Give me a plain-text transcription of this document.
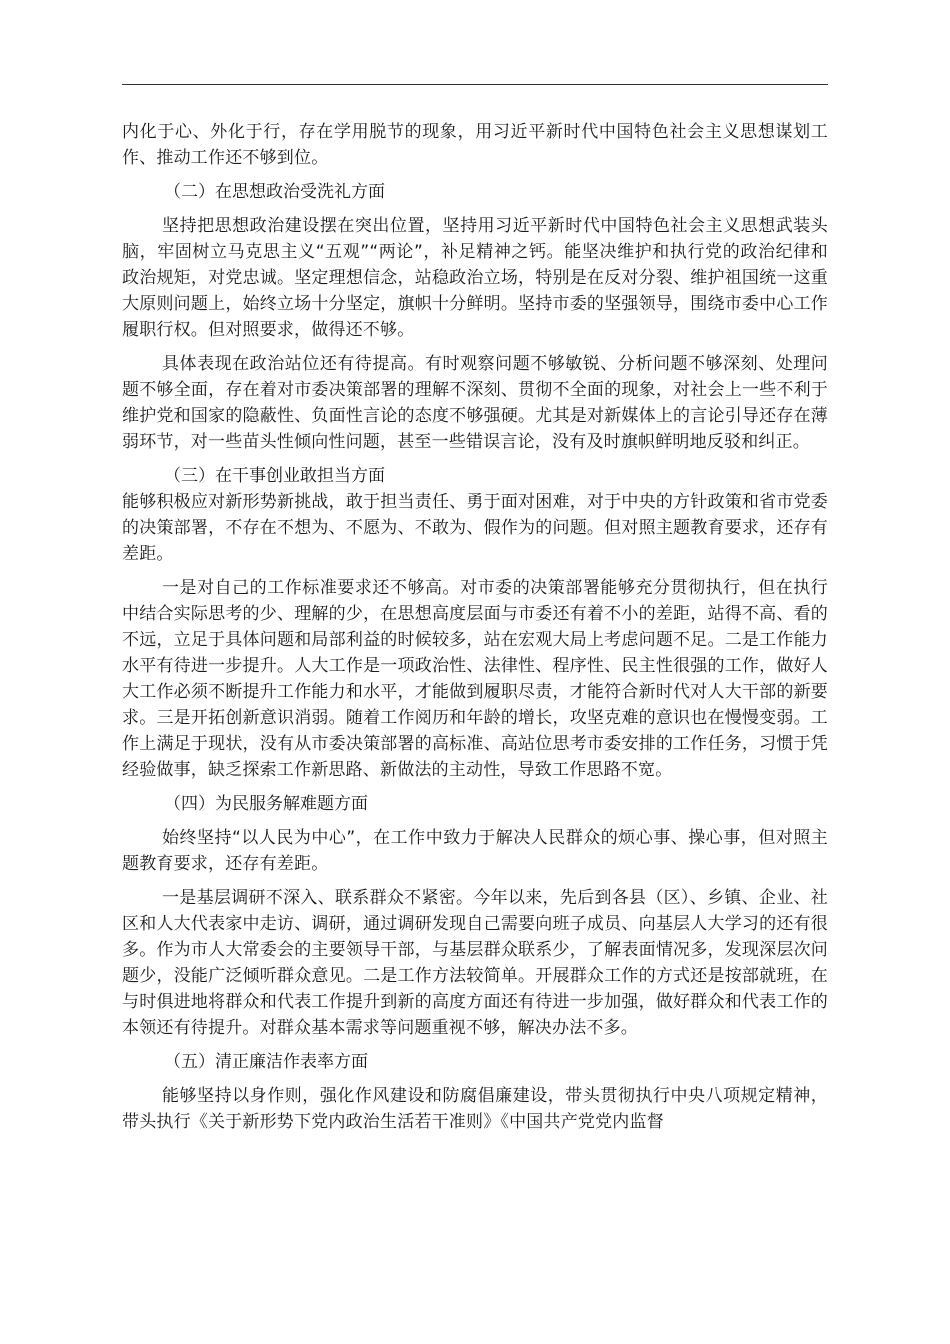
内化于心、外化于行，存在学用脱节的现象，用习近平新时代中国特色社会主义思想谋划工作、推动工作还不够到位。

（二）在思想政治受洗礼方面

坚持把思想政治建设摆在突出位置，坚持用习近平新时代中国特色社会主义思想武装头脑，牢固树立马克思主义“五观”“两论”，补足精神之钙。能坚决维护和执行党的政治纪律和政治规矩，对党忠诚。坚定理想信念，站稳政治立场，特别是在反对分裂、维护祖国统一这重大原则问题上，始终立场十分坚定，旗帜十分鲜明。坚持市委的坚强领导，围绕市委中心工作履职行权。但对照要求，做得还不够。

具体表现在政治站位还有待提高。有时观察问题不够敏锐、分析问题不够深刻、处理问题不够全面，存在着对市委决策部署的理解不深刻、贯彻不全面的现象，对社会上一些不利于维护党和国家的隐蔽性、负面性言论的态度不够强硬。尤其是对新媒体上的言论引导还存在薄弱环节，对一些苗头性倾向性问题，甚至一些错误言论，没有及时旗帜鲜明地反驳和纠正。

（三）在干事创业敢担当方面

能够积极应对新形势新挑战，敢于担当责任、勇于面对困难，对于中央的方针政策和省市党委的决策部署，不存在不想为、不愿为、不敢为、假作为的问题。但对照主题教育要求，还存有差距。

一是对自己的工作标准要求还不够高。对市委的决策部署能够充分贯彻执行，但在执行中结合实际思考的少、理解的少，在思想高度层面与市委还有着不小的差距，站得不高、看的不远，立足于具体问题和局部利益的时候较多，站在宏观大局上考虑问题不足。二是工作能力水平有待进一步提升。人大工作是一项政治性、法律性、程序性、民主性很强的工作，做好人大工作必须不断提升工作能力和水平，才能做到履职尽责，才能符合新时代对人大干部的新要求。三是开拓创新意识消弱。随着工作阅历和年龄的增长，攻坚克难的意识也在慢慢变弱。工作上满足于现状，没有从市委决策部署的高标准、高站位思考市委安排的工作任务，习惯于凭经验做事，缺乏探索工作新思路、新做法的主动性，导致工作思路不宽。

（四）为民服务解难题方面

始终坚持“以人民为中心”，在工作中致力于解决人民群众的烦心事、操心事，但对照主题教育要求，还存有差距。

一是基层调研不深入、联系群众不紧密。今年以来，先后到各县（区）、乡镇、企业、社区和人大代表家中走访、调研，通过调研发现自己需要向班子成员、向基层人大学习的还有很多。作为市人大常委会的主要领导干部，与基层群众联系少，了解表面情况多，发现深层次问题少，没能广泛倾听群众意见。二是工作方法较简单。开展群众工作的方式还是按部就班，在与时俱进地将群众和代表工作提升到新的高度方面还有待进一步加强，做好群众和代表工作的本领还有待提升。对群众基本需求等问题重视不够，解决办法不多。

（五）清正廉洁作表率方面

能够坚持以身作则，强化作风建设和防腐倡廉建设，带头贯彻执行中央八项规定精神，带头执行《关于新形势下党内政治生活若干准则》《中国共产党党内监督
